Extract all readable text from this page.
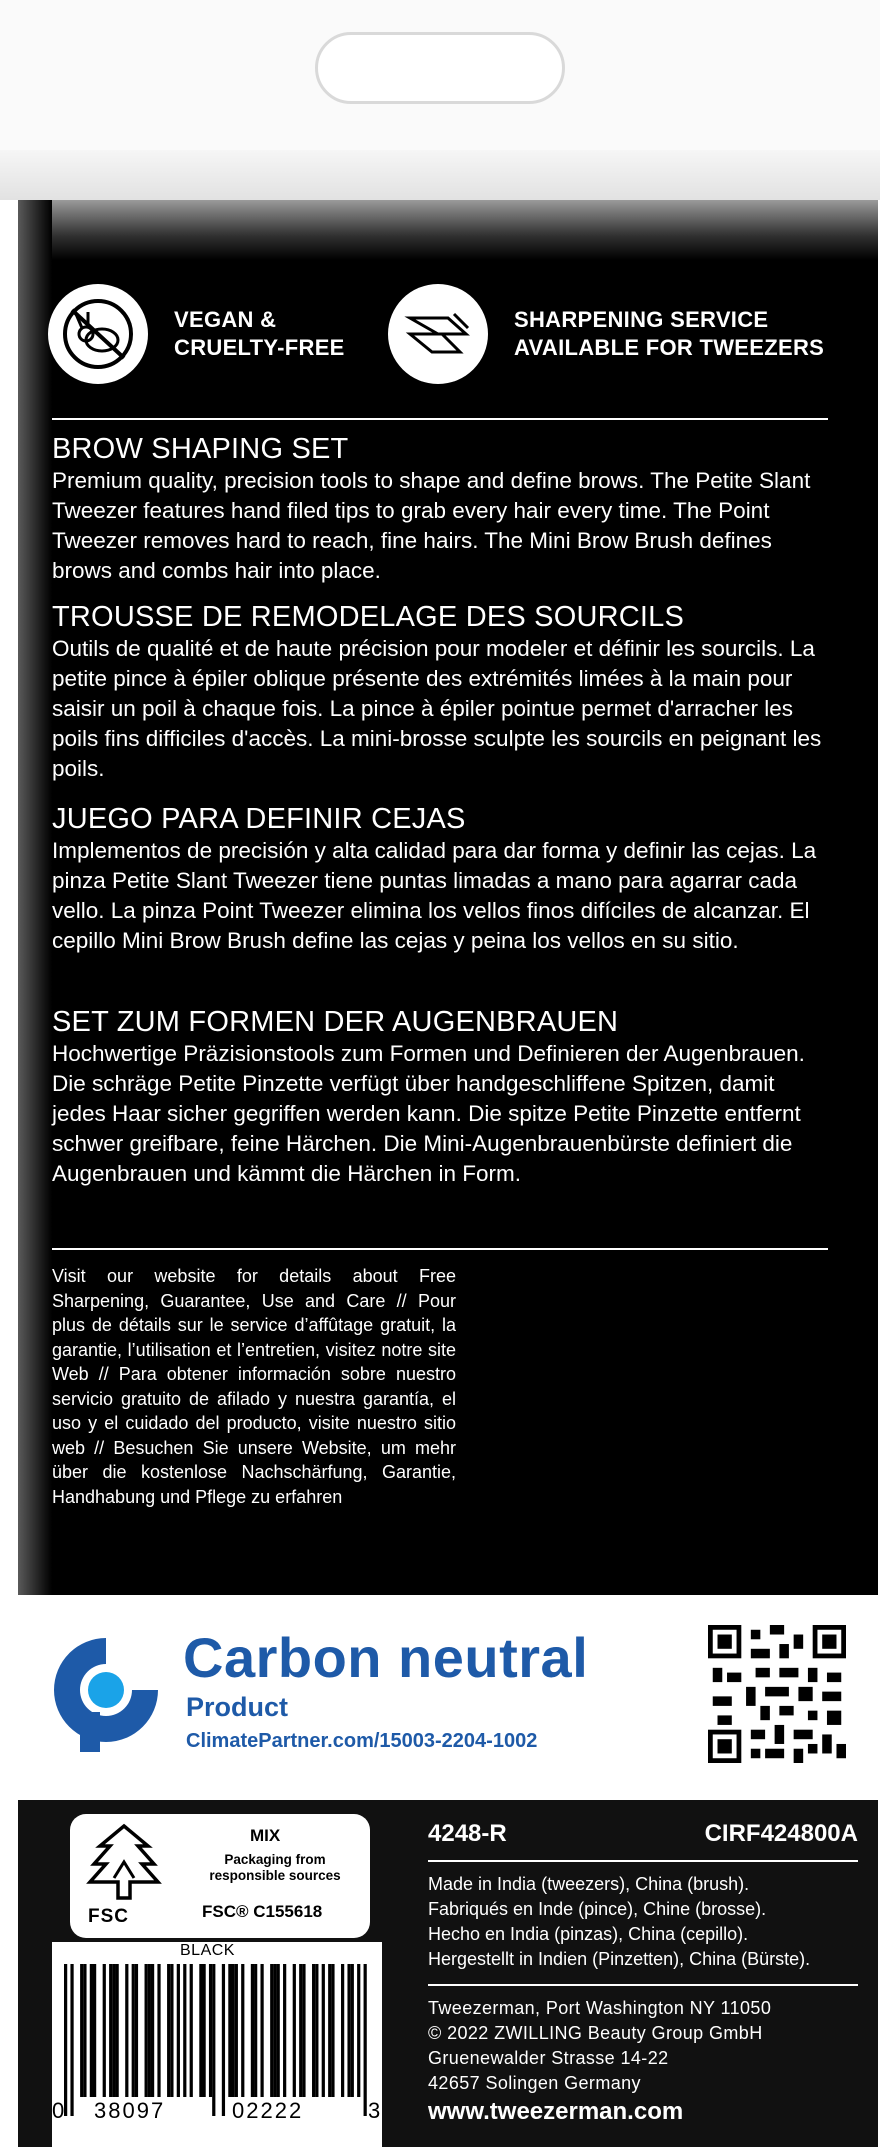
VEGAN &
CRUELTY-FREE
SHARPENING SERVICE
AVAILABLE FOR TWEEZERS
BROW SHAPING SET

Premium quality, precision tools to shape and define brows. The Petite Slant Tweezer features hand filed tips to grab every hair every time. The Point Tweezer removes hard to reach, fine hairs. The Mini Brow Brush defines brows and combs hair into place.

TROUSSE DE REMODELAGE DES SOURCILS

Outils de qualité et de haute précision pour modeler et définir les sourcils. La petite pince à épiler oblique présente des extrémités limées à la main pour saisir un poil à chaque fois. La pince à épiler pointue permet d'arracher les poils fins difficiles d'accès. La mini-brosse sculpte les sourcils en peignant les poils.

JUEGO PARA DEFINIR CEJAS

Implementos de precisión y alta calidad para dar forma y definir las cejas. La pinza Petite Slant Tweezer tiene puntas limadas a mano para agarrar cada vello. La pinza Point Tweezer elimina los vellos finos difíciles de alcanzar. El cepillo Mini Brow Brush define las cejas y peina los vellos en su sitio.

SET ZUM FORMEN DER AUGENBRAUEN

Hochwertige Präzisionstools zum Formen und Definieren der Augenbrauen. Die schräge Petite Pinzette verfügt über handgeschliffene Spitzen, damit jedes Haar sicher gegriffen werden kann. Die spitze Petite Pinzette entfernt schwer greifbare, feine Härchen. Die Mini-Augenbrauenbürste definiert die Augenbrauen und kämmt die Härchen in Form.

Visit our website for details about Free Sharpening, Guarantee, Use and Care // Pour plus de détails sur le service d’affûtage gratuit, la garantie, l’utilisation et l’entretien, visitez notre site Web // Para obtener información sobre nuestro servicio gratuito de afilado y nuestra garantía, el uso y el cuidado del producto, visite nuestro sitio web // Besuchen Sie unsere Website, um mehr über die kostenlose Nachschärfung, Garantie, Handhabung und Pflege zu erfahren
Carbon neutral
Product
ClimatePartner.com/15003-2204-1002
MIX
Packaging from responsible sources
FSC	FSC® C155618
BLACK
0 38097	02222	3
4248-R	CIRF424800A
Made in India (tweezers), China (brush).
Fabriqués en Inde (pince), Chine (brosse).
Hecho en India (pinzas), China (cepillo).
Hergestellt in Indien (Pinzetten), China (Bürste).
Tweezerman, Port Washington NY 11050
© 2022 ZWILLING Beauty Group GmbH
Gruenewalder Strasse 14-22
42657 Solingen Germany
www.tweezerman.com
